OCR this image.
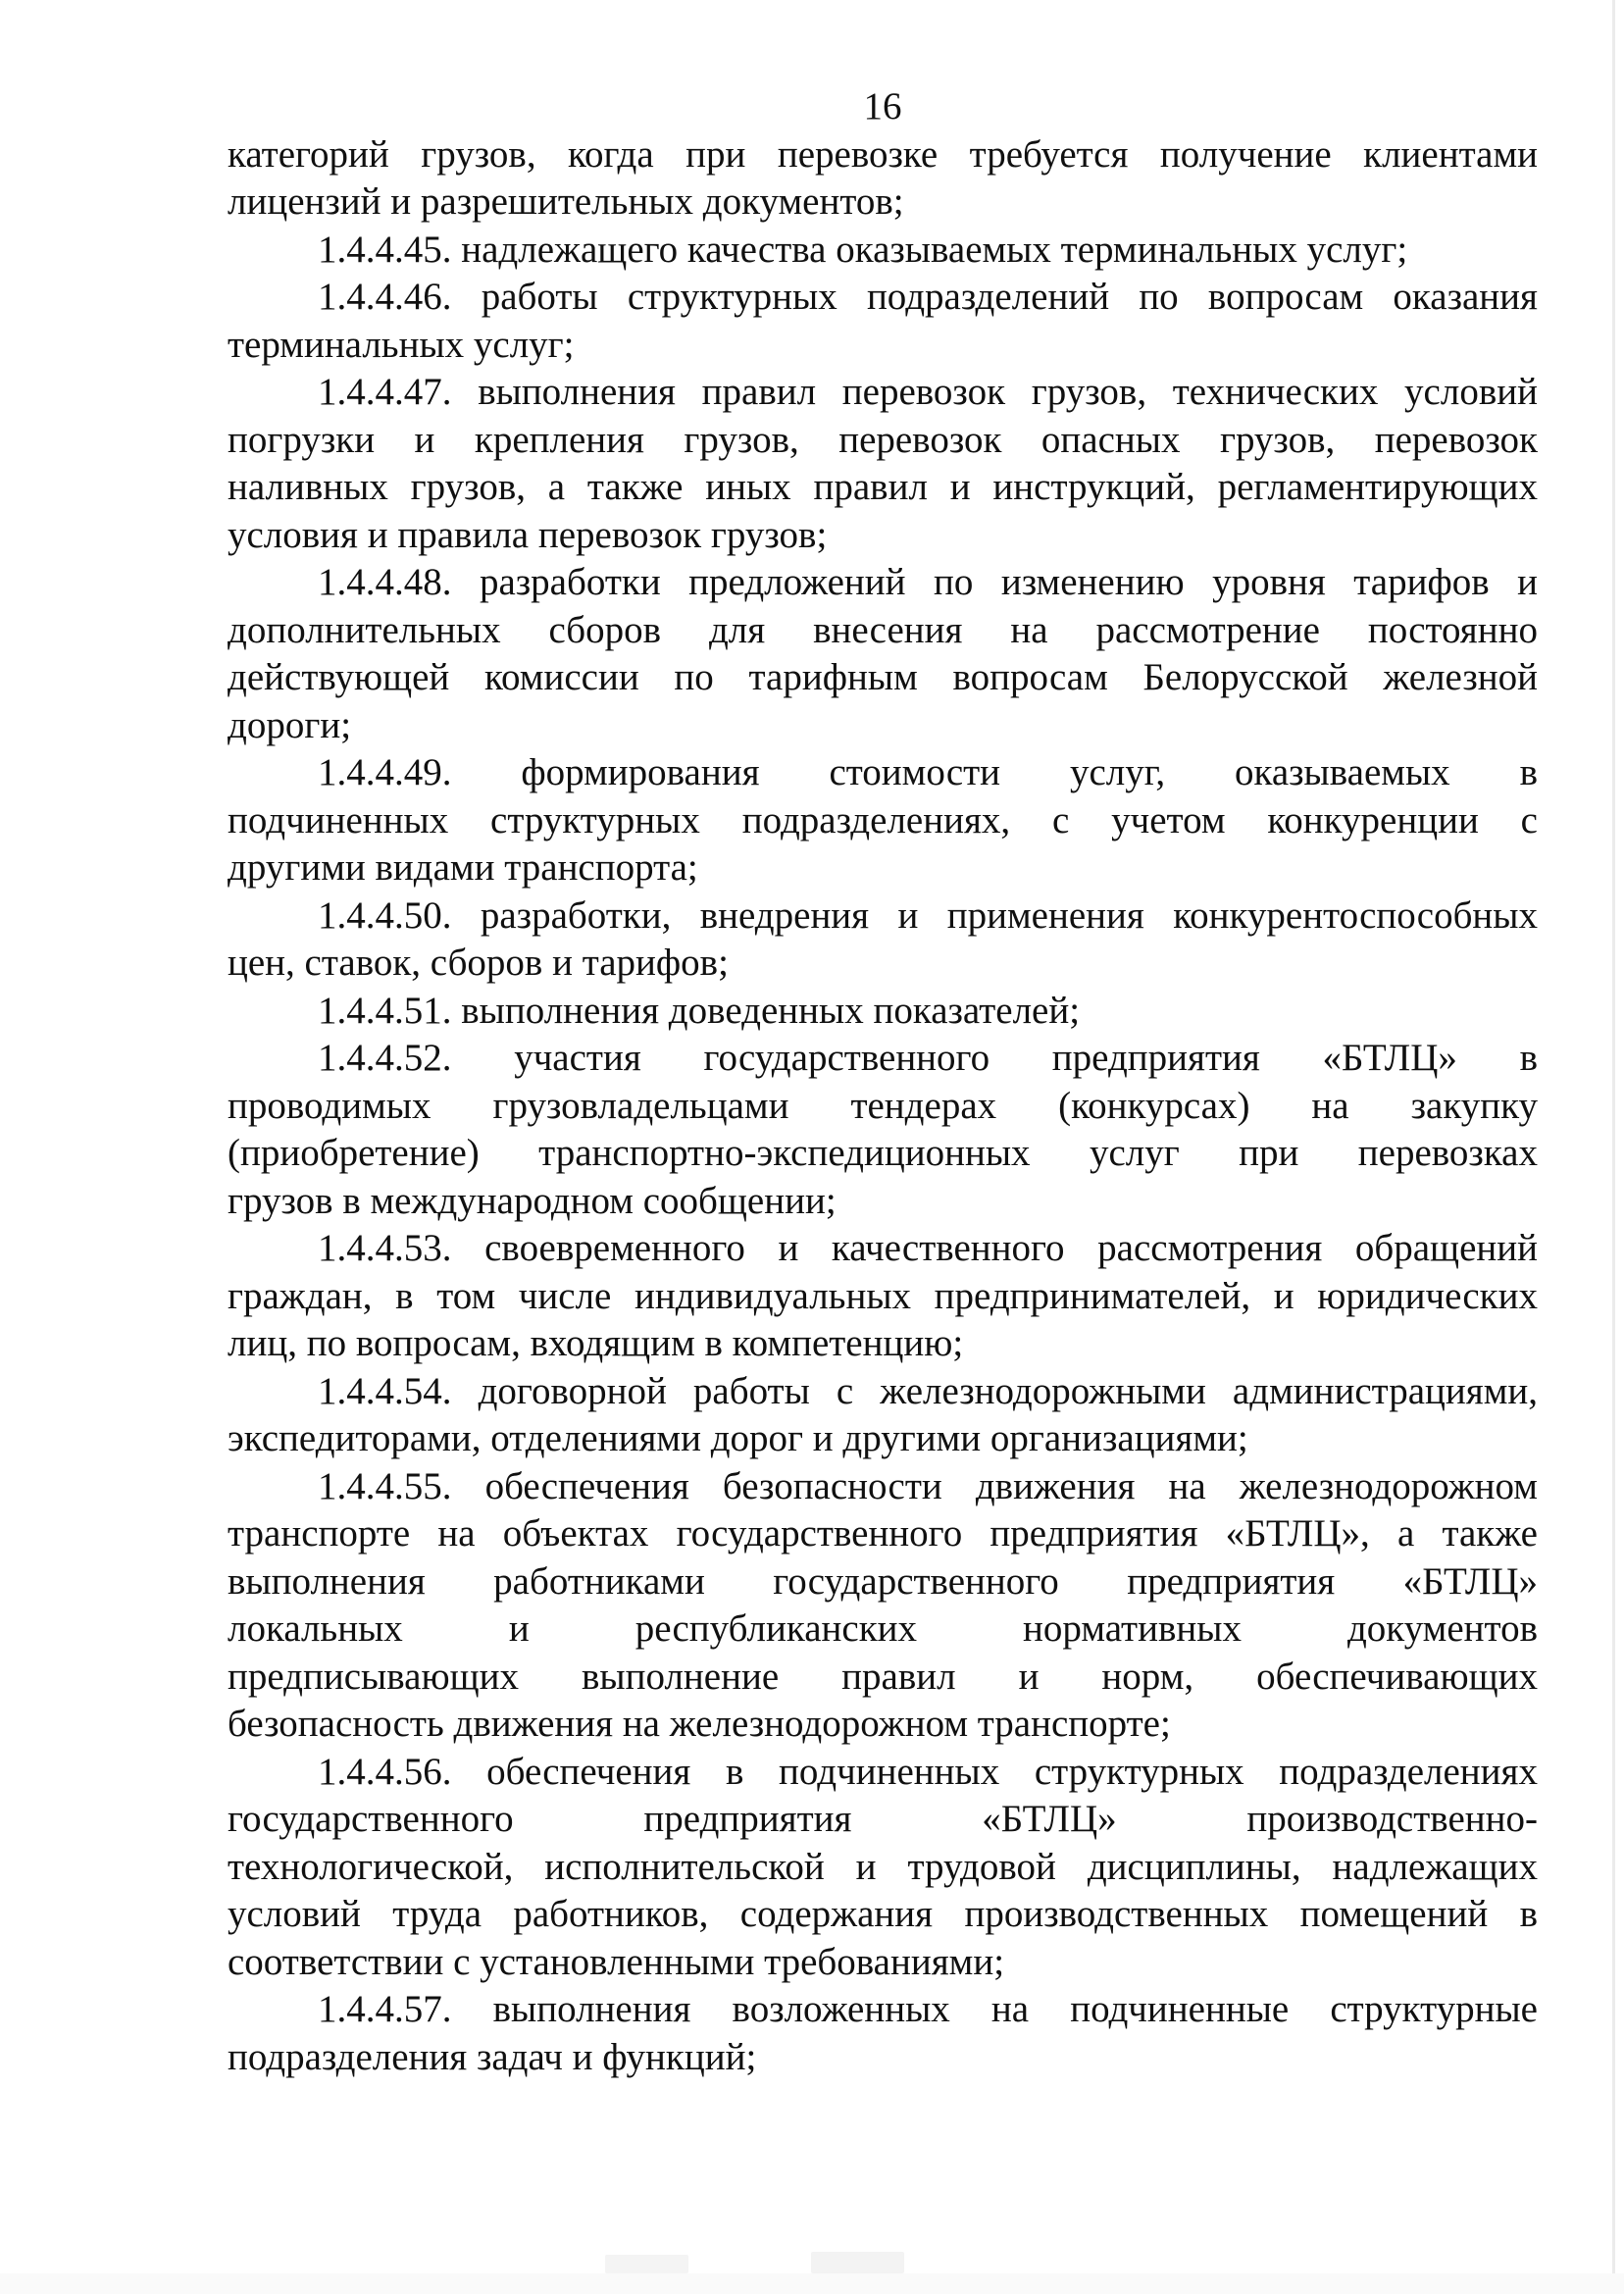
16
категорий грузов, когда при перевозке требуется получение клиентами
лицензий и разрешительных документов;
1.4.4.45. надлежащего качества оказываемых терминальных услуг;
1.4.4.46. работы структурных подразделений по вопросам оказания
терминальных услуг;
1.4.4.47. выполнения правил перевозок грузов, технических условий
погрузки и крепления грузов, перевозок опасных грузов, перевозок
наливных грузов, а также иных правил и инструкций, регламентирующих
условия и правила перевозок грузов;
1.4.4.48. разработки предложений по изменению уровня тарифов и
дополнительных сборов для внесения на рассмотрение постоянно
действующей комиссии по тарифным вопросам Белорусской железной
дороги;
1.4.4.49. формирования стоимости услуг, оказываемых в
подчиненных структурных подразделениях, с учетом конкуренции с
другими видами транспорта;
1.4.4.50. разработки, внедрения и применения конкурентоспособных
цен, ставок, сборов и тарифов;
1.4.4.51. выполнения доведенных показателей;
1.4.4.52. участия государственного предприятия «БТЛЦ» в
проводимых грузовладельцами тендерах (конкурсах) на закупку
(приобретение) транспортно-экспедиционных услуг при перевозках
грузов в международном сообщении;
1.4.4.53. своевременного и качественного рассмотрения обращений
граждан, в том числе индивидуальных предпринимателей, и юридических
лиц, по вопросам, входящим в компетенцию;
1.4.4.54. договорной работы с железнодорожными администрациями,
экспедиторами, отделениями дорог и другими организациями;
1.4.4.55. обеспечения безопасности движения на железнодорожном
транспорте на объектах государственного предприятия «БТЛЦ», а также
выполнения работниками государственного предприятия «БТЛЦ»
локальных и республиканских нормативных документов
предписывающих выполнение правил и норм, обеспечивающих
безопасность движения на железнодорожном транспорте;
1.4.4.56. обеспечения в подчиненных структурных подразделениях
государственного предприятия «БТЛЦ» производственно-
технологической, исполнительской и трудовой дисциплины, надлежащих
условий труда работников, содержания производственных помещений в
соответствии с установленными требованиями;
1.4.4.57. выполнения возложенных на подчиненные структурные
подразделения задач и функций;
